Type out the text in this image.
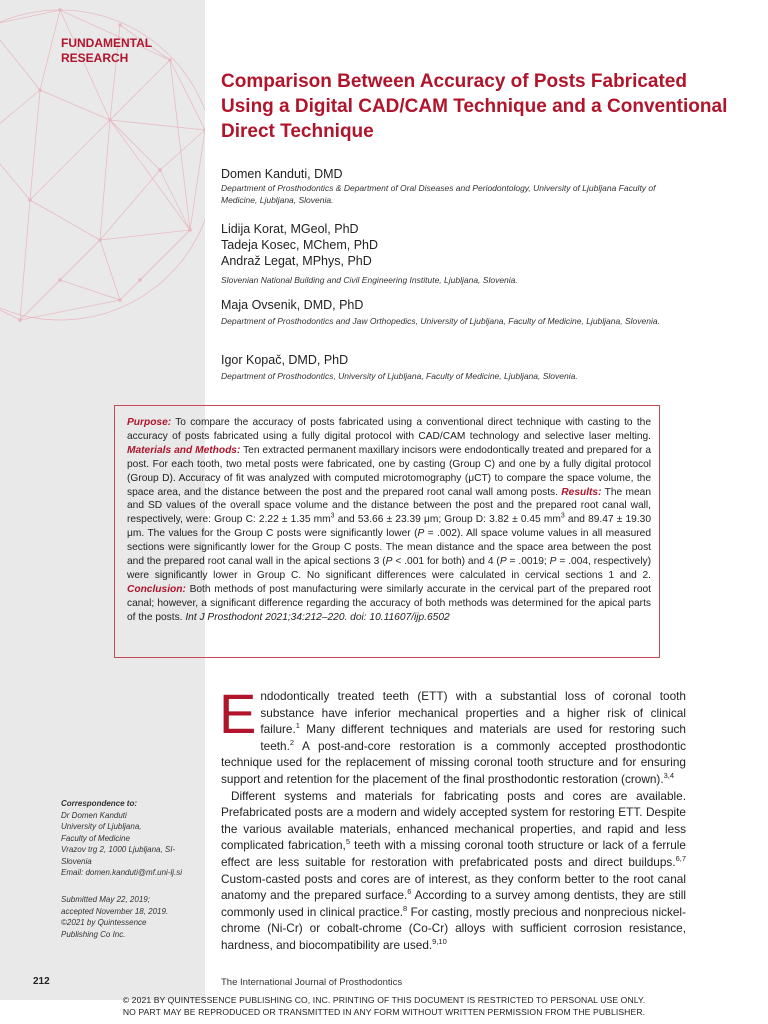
FUNDAMENTAL RESEARCH
Comparison Between Accuracy of Posts Fabricated Using a Digital CAD/CAM Technique and a Conventional Direct Technique
Domen Kanduti, DMD
Department of Prosthodontics & Department of Oral Diseases and Periodontology, University of Ljubljana Faculty of Medicine, Ljubljana, Slovenia.
Lidija Korat, MGeol, PhD
Tadeja Kosec, MChem, PhD
Andraž Legat, MPhys, PhD
Slovenian National Building and Civil Engineering Institute, Ljubljana, Slovenia.
Maja Ovsenik, DMD, PhD
Department of Prosthodontics and Jaw Orthopedics, University of Ljubljana, Faculty of Medicine, Ljubljana, Slovenia.
Igor Kopač, DMD, PhD
Department of Prosthodontics, University of Ljubljana, Faculty of Medicine, Ljubljana, Slovenia.
Purpose: To compare the accuracy of posts fabricated using a conventional direct technique with casting to the accuracy of posts fabricated using a fully digital protocol with CAD/CAM technology and selective laser melting. Materials and Methods: Ten extracted permanent maxillary incisors were endodontically treated and prepared for a post. For each tooth, two metal posts were fabricated, one by casting (Group C) and one by a fully digital protocol (Group D). Accuracy of fit was analyzed with computed microtomography (μCT) to compare the space volume, the space area, and the distance between the post and the prepared root canal wall among posts. Results: The mean and SD values of the overall space volume and the distance between the post and the prepared root canal wall, respectively, were: Group C: 2.22 ± 1.35 $mm^3$ and 53.66 ± 23.39 μm; Group D: 3.82 ± 0.45 $mm^3$ and 89.47 ± 19.30 μm. The values for the Group C posts were significantly lower (P = .002). All space volume values in all measured sections were significantly lower for the Group C posts. The mean distance and the space area between the post and the prepared root canal wall in the apical sections 3 (P < .001 for both) and 4 (P = .0019; P = .004, respectively) were significantly lower in Group C. No significant differences were calculated in cervical sections 1 and 2. Conclusion: Both methods of post manufacturing were similarly accurate in the cervical part of the prepared root canal; however, a significant difference regarding the accuracy of both methods was determined for the apical parts of the posts. Int J Prosthodont 2021;34:212–220. doi: 10.11607/ijp.6502

Endodontically treated teeth (ETT) with a substantial loss of coronal tooth substance have inferior mechanical properties and a higher risk of clinical failure.$^1$ Many different techniques and materials are used for restoring such teeth.$^2$ A post-and-core restoration is a commonly accepted prosthodontic technique used for the replacement of missing coronal tooth structure and for ensuring support and retention for the placement of the final prosthodontic restoration (crown).$^{3,4}$

Different systems and materials for fabricating posts and cores are available. Prefabricated posts are a modern and widely accepted system for restoring ETT. Despite the various available materials, enhanced mechanical properties, and rapid and less complicated fabrication,$^5$ teeth with a missing coronal tooth structure or lack of a ferrule effect are less suitable for restoration with prefabricated posts and direct buildups.$^{6,7}$ Custom-casted posts and cores are of interest, as they conform better to the root canal anatomy and the prepared surface.$^6$ According to a survey among dentists, they are still commonly used in clinical practice.$^8$ For casting, mostly precious and nonprecious nickel-chrome (Ni-Cr) or cobalt-chrome (Co-Cr) alloys with sufficient corrosion resistance, hardness, and biocompatibility are used.$^{9,10}$

Correspondence to:
Dr Domen Kanduti
University of Ljubljana,
Faculty of Medicine
Vrazov trg 2, 1000 Ljubljana, SI-
Slovenia
Email: domen.kanduti@mf.uni-lj.si
Submitted May 22, 2019;
accepted November 18, 2019.
©2021 by Quintessence
Publishing Co Inc.
212	The International Journal of Prosthodontics
© 2021 BY QUINTESSENCE PUBLISHING CO, INC. PRINTING OF THIS DOCUMENT IS RESTRICTED TO PERSONAL USE ONLY.
NO PART MAY BE REPRODUCED OR TRANSMITTED IN ANY FORM WITHOUT WRITTEN PERMISSION FROM THE PUBLISHER.
